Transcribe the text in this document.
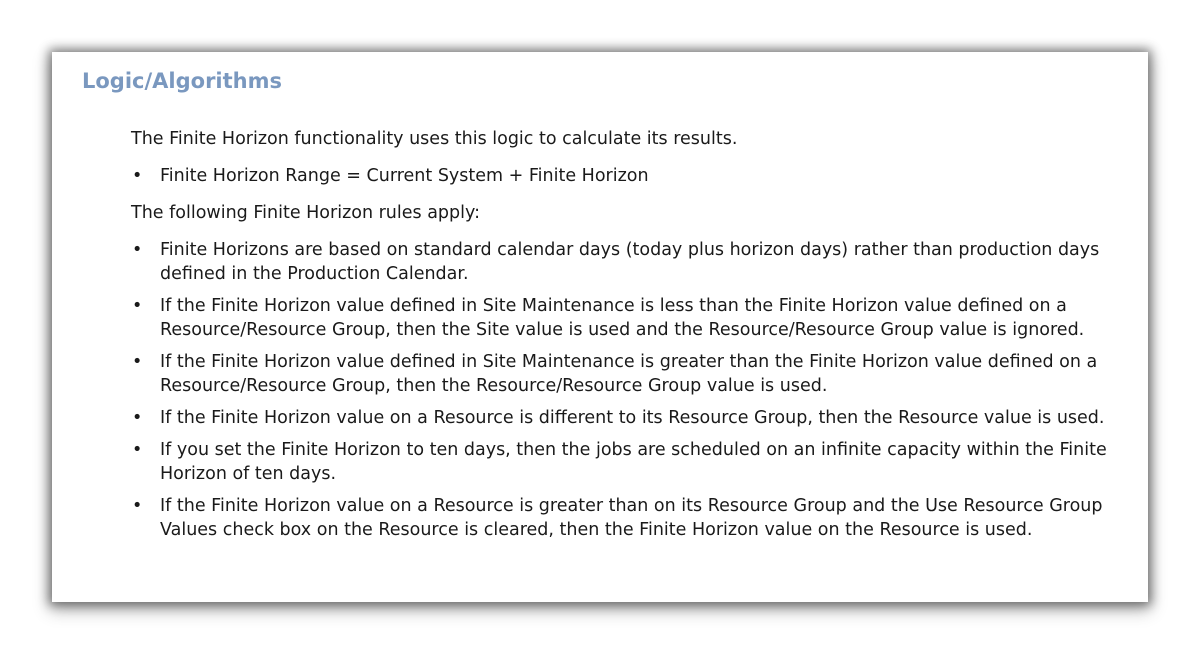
Logic/Algorithms

The Finite Horizon functionality uses this logic to calculate its results.

• Finite Horizon Range = Current System + Finite Horizon

The following Finite Horizon rules apply:

• Finite Horizons are based on standard calendar days (today plus horizon days) rather than production days defined in the Production Calendar.
• If the Finite Horizon value defined in Site Maintenance is less than the Finite Horizon value defined on a Resource/Resource Group, then the Site value is used and the Resource/Resource Group value is ignored.
• If the Finite Horizon value defined in Site Maintenance is greater than the Finite Horizon value defined on a Resource/Resource Group, then the Resource/Resource Group value is used.
• If the Finite Horizon value on a Resource is different to its Resource Group, then the Resource value is used.
• If you set the Finite Horizon to ten days, then the jobs are scheduled on an infinite capacity within the Finite Horizon of ten days.
• If the Finite Horizon value on a Resource is greater than on its Resource Group and the Use Resource Group Values check box on the Resource is cleared, then the Finite Horizon value on the Resource is used.
